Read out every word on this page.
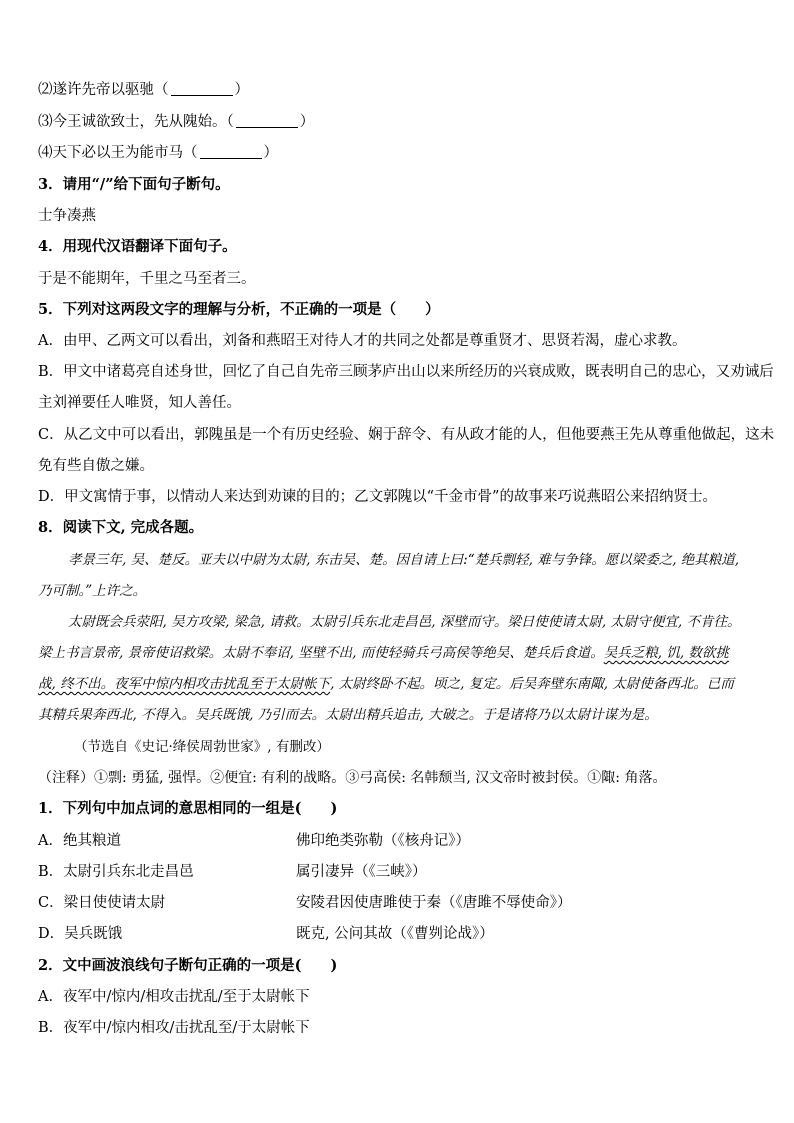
⑵遂许先帝以驱驰（	）
⑶今王诚欲致士，先从隗始。（	）
⑷天下必以王为能市马（	）
3．请用“/”给下面句子断句。
士争凑燕
4．用现代汉语翻译下面句子。
于是不能期年，千里之马至者三。
5．下列对这两段文字的理解与分析，不正确的一项是（　　）
A．由甲、乙两文可以看出，刘备和燕昭王对待人才的共同之处都是尊重贤才、思贤若渴，虚心求教。
B．甲文中诸葛亮自述身世，回忆了自己自先帝三顾茅庐出山以来所经历的兴衰成败，既表明自己的忠心，又劝诫后
主刘禅要任人唯贤，知人善任。
C．从乙文中可以看出，郭隗虽是一个有历史经验、娴于辞令、有从政才能的人，但他要燕王先从尊重他做起，这未
免有些自傲之嫌。
D．甲文寓情于事，以情动人来达到劝谏的目的；乙文郭隗以“千金市骨”的故事来巧说燕昭公来招纳贤士。
8．阅读下文, 完成各题。
孝景三年, 吴、楚反。亚夫以中尉为太尉, 东击吴、楚。因自请上曰:“楚兵剽轻, 难与争锋。愿以梁委之, 绝其粮道,
乃可制。”上许之。
太尉既会兵荥阳, 吴方攻梁, 梁急, 请救。太尉引兵东北走昌邑, 深壁而守。梁日使使请太尉, 太尉守便宜, 不肯往。
梁上书言景帝, 景帝使诏救梁。太尉不奉诏, 坚壁不出, 而使轻骑兵弓高侯等绝吴、楚兵后食道。吴兵乏粮, 饥, 数欲挑
战, 终不出。夜军中惊内相攻击扰乱至于太尉帐下, 太尉终卧不起。顷之, 复定。后吴奔壁东南陬, 太尉使备西北。已而
其精兵果奔西北, 不得入。吴兵既饿, 乃引而去。太尉出精兵追击, 大破之。于是诸将乃以太尉计谋为是。
（节选自《史记·绛侯周勃世家》, 有删改）
（注释）①剽: 勇猛, 强悍。②便宜: 有利的战略。③弓高侯: 名韩颓当, 汉文帝时被封侯。①陬: 角落。
1．下列句中加点词的意思相同的一组是(　　)
A．绝其粮道	佛印绝类弥勒（《核舟记》）
B．太尉引兵东北走昌邑	属引凄异（《三峡》）
C．梁日使使请太尉	安陵君因使唐雎使于秦（《唐雎不辱使命》）
D．吴兵既饿	既克, 公问其故（《曹刿论战》）
2．文中画波浪线句子断句正确的一项是(　　)
A．夜军中/惊内/相攻击扰乱/至于太尉帐下
B．夜军中/惊内相攻/击扰乱至/于太尉帐下
